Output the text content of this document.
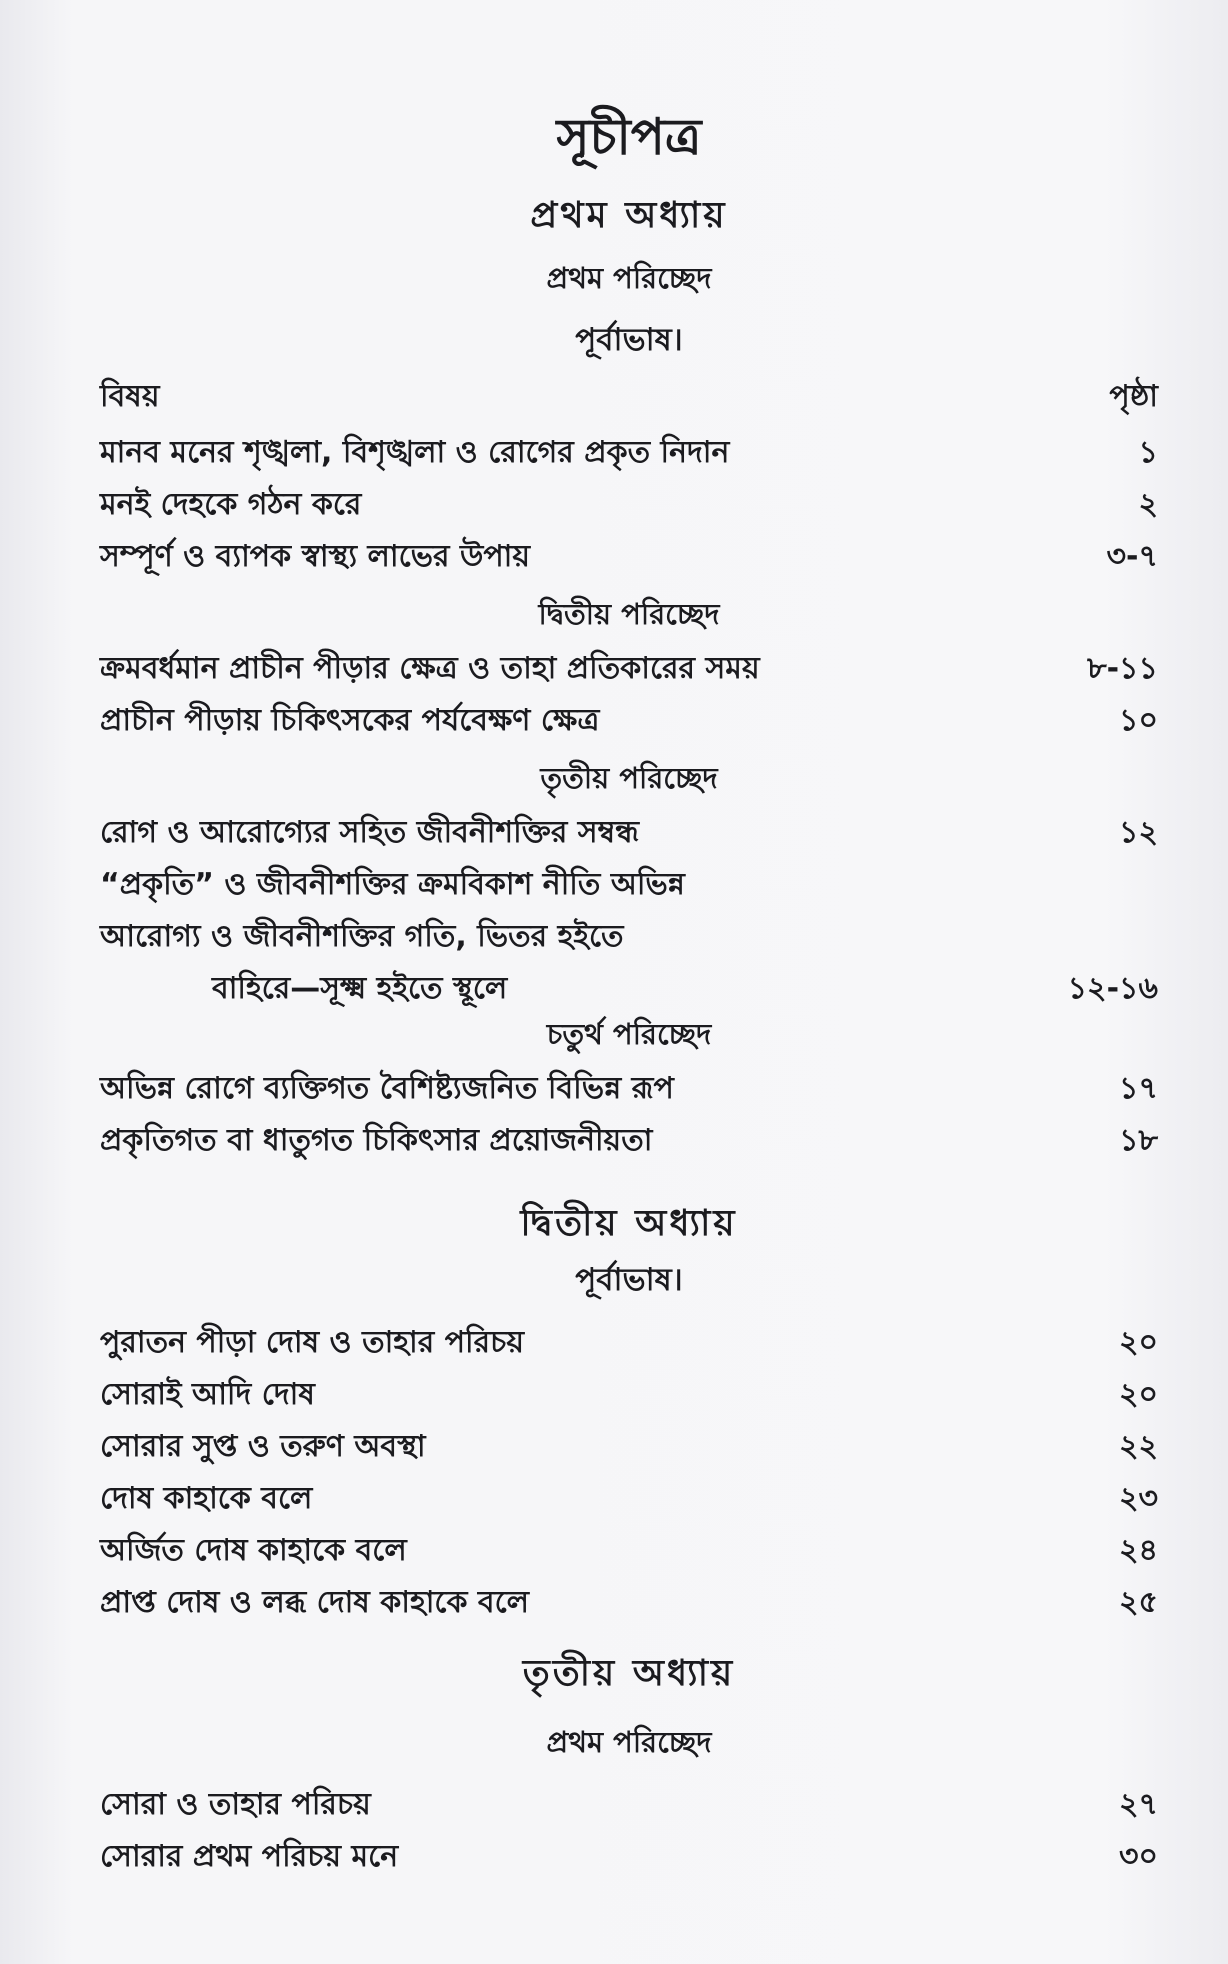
সূচীপত্র
প্রথম অধ্যায়
প্রথম পরিচ্ছেদ
পূর্বাভাষ।
বিষয়	পৃষ্ঠা
মানব মনের শৃঙ্খলা, বিশৃঙ্খলা ও রোগের প্রকৃত নিদান	১
মনই দেহকে গঠন করে	২
সম্পূর্ণ ও ব্যাপক স্বাস্থ্য লাভের উপায়	৩-৭
দ্বিতীয় পরিচ্ছেদ
ক্রমবর্ধমান প্রাচীন পীড়ার ক্ষেত্র ও তাহা প্রতিকারের সময়	৮-১১
প্রাচীন পীড়ায় চিকিৎসকের পর্যবেক্ষণ ক্ষেত্র	১০
তৃতীয় পরিচ্ছেদ
রোগ ও আরোগ্যের সহিত জীবনীশক্তির সম্বন্ধ	১২
“প্রকৃতি” ও জীবনীশক্তির ক্রমবিকাশ নীতি অভিন্ন
আরোগ্য ও জীবনীশক্তির গতি, ভিতর হইতে
বাহিরে—সূক্ষ্ম হইতে স্থূলে	১২-১৬
চতুর্থ পরিচ্ছেদ
অভিন্ন রোগে ব্যক্তিগত বৈশিষ্ট্যজনিত বিভিন্ন রূপ	১৭
প্রকৃতিগত বা ধাতুগত চিকিৎসার প্রয়োজনীয়তা	১৮
দ্বিতীয় অধ্যায়
পূর্বাভাষ।
পুরাতন পীড়া দোষ ও তাহার পরিচয়	২০
সোরাই আদি দোষ	২০
সোরার সুপ্ত ও তরুণ অবস্থা	২২
দোষ কাহাকে বলে	২৩
অর্জিত দোষ কাহাকে বলে	২৪
প্রাপ্ত দোষ ও লব্ধ দোষ কাহাকে বলে	২৫
তৃতীয় অধ্যায়
প্রথম পরিচ্ছেদ
সোরা ও তাহার পরিচয়	২৭
সোরার প্রথম পরিচয় মনে	৩০
